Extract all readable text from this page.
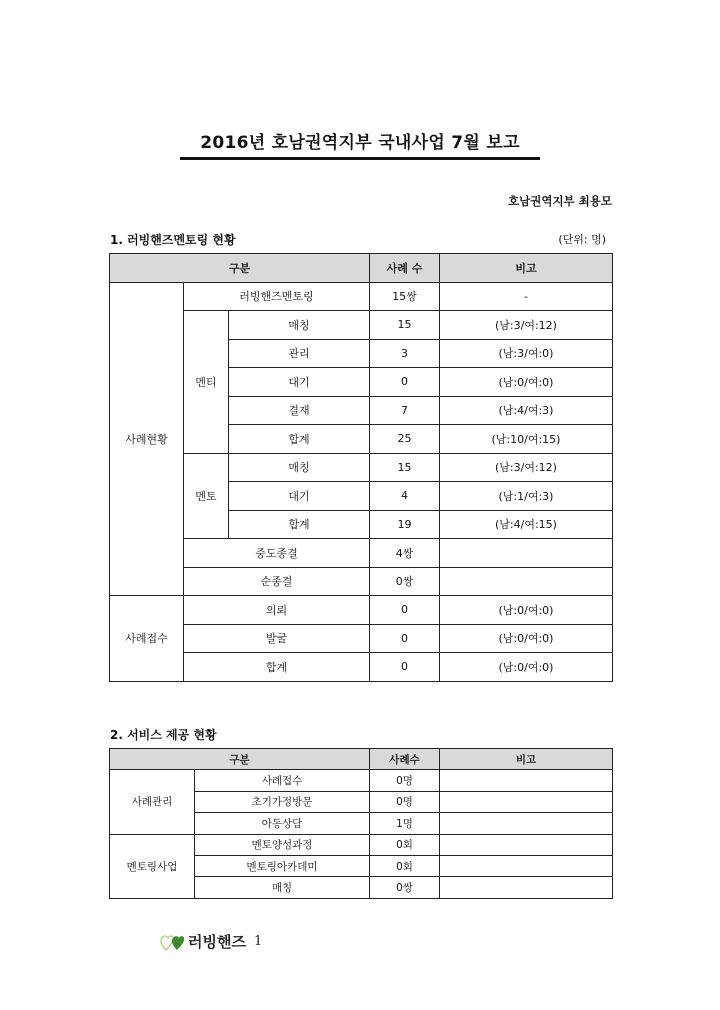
2016년 호남권역지부 국내사업 7월 보고
호남권역지부 최용모
1. 러빙핸즈멘토링 현황	(단위: 명)
구분			사례 수	비고
사례현황	러빙핸즈멘토링		15쌍	-
	멘티	매칭	15	(남:3/여:12)
		관리	3	(남:3/여:0)
		대기	0	(남:0/여:0)
		결재	7	(남:4/여:3)
		합계	25	(남:10/여:15)
	멘토	매칭	15	(남:3/여:12)
		대기	4	(남:1/여:3)
		합계	19	(남:4/여:15)
	중도종결		4쌍	
	순종결		0쌍	
사례접수	의뢰		0	(남:0/여:0)
	발굴		0	(남:0/여:0)
	합계		0	(남:0/여:0)
2. 서비스 제공 현황
구분		사례수	비고
사례관리	사례접수	0명	
	초기가정방문	0명	
	아동상담	1명	
멘토링사업	멘토양성과정	0회	
	멘토링아카데미	0회	
	매칭	0쌍	
러빙핸즈 1
